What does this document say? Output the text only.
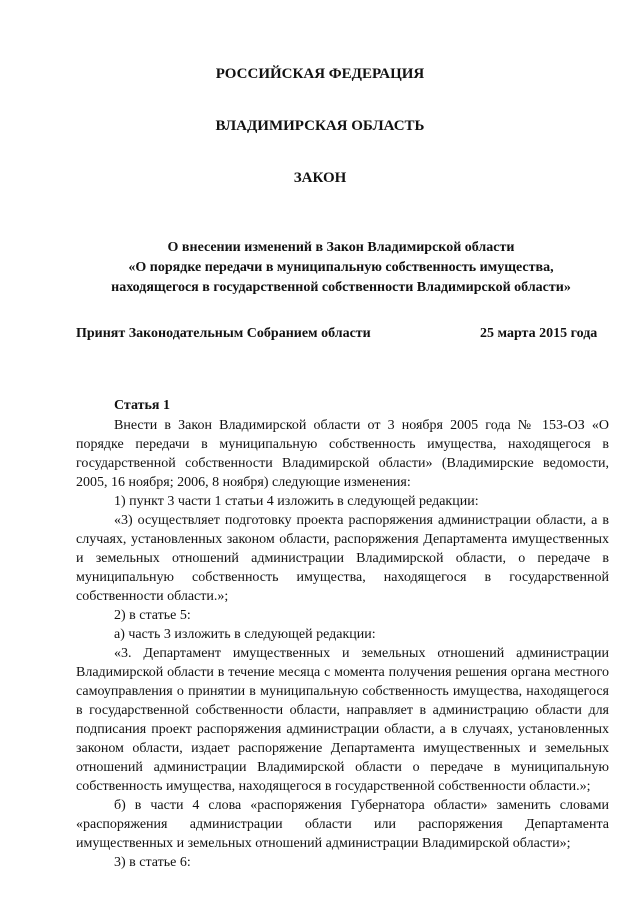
РОССИЙСКАЯ ФЕДЕРАЦИЯ
ВЛАДИМИРСКАЯ ОБЛАСТЬ
ЗАКОН
О внесении изменений в Закон Владимирской области
«О порядке передачи в муниципальную собственность имущества,
находящегося в государственной собственности Владимирской области»
Принят Законодательным Собранием области	25 марта 2015 года
Статья 1

Внести в Закон Владимирской области от 3 ноября 2005 года № 153-ОЗ «О порядке передачи в муниципальную собственность имущества, находящегося в государственной собственности Владимирской области» (Владимирские ведомости, 2005, 16 ноября; 2006, 8 ноября) следующие изменения:

1) пункт 3 части 1 статьи 4 изложить в следующей редакции:

«3) осуществляет подготовку проекта распоряжения администрации области, а в случаях, установленных законом области, распоряжения Департамента имущественных и земельных отношений администрации Владимирской области, о передаче в муниципальную собственность имущества, находящегося в государственной собственности области.»;

2) в статье 5:

а) часть 3 изложить в следующей редакции:

«3. Департамент имущественных и земельных отношений администрации Владимирской области в течение месяца с момента получения решения органа местного самоуправления о принятии в муниципальную собственность имущества, находящегося в государственной собственности области, направляет в администрацию области для подписания проект распоряжения администрации области, а в случаях, установленных законом области, издает распоряжение Департамента имущественных и земельных отношений администрации Владимирской области о передаче в муниципальную собственность имущества, находящегося в государственной собственности области.»;

б) в части 4 слова «распоряжения Губернатора области» заменить словами «распоряжения администрации области или распоряжения Департамента имущественных и земельных отношений администрации Владимирской области»;

3) в статье 6:
